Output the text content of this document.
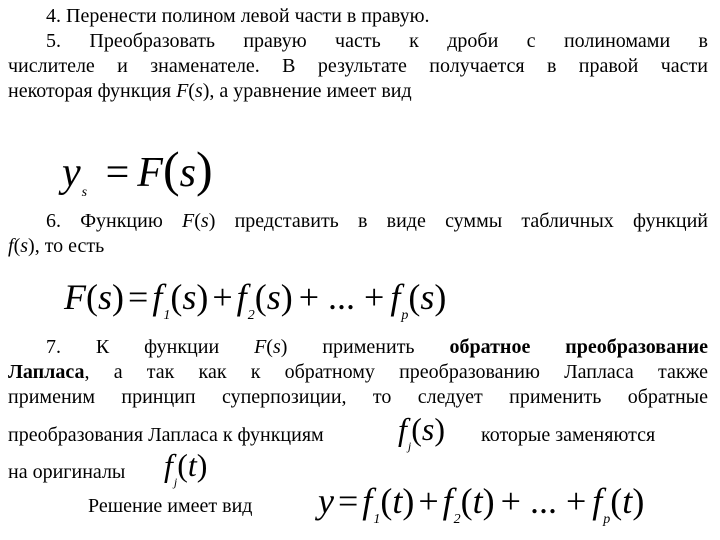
4. Перенести полином левой части в правую.
5. Преобразовать правую часть к дроби с полиномами в
числителе и знаменателе. В результате получается в правой части
некоторая функция F(s), а уравнение имеет вид
$y_s = F(s)$
6. Функцию F(s) представить в виде суммы табличных функций
f(s), то есть
$F(s) = f_1(s) + f_2(s)$ + ... + $f_p(s)$
7. К функции F(s) применить обратное преобразование
Лапласа, а так как к обратному преобразованию Лапласа также
применим принцип суперпозиции, то следует применить обратные
преобразования Лапласа к функциям $f_j(s)$ которые заменяются
на оригиналы $f_j(t)$
Решение имеет вид $y = f_1(t) + f_2(t)$ + ... + $f_p(t)$
